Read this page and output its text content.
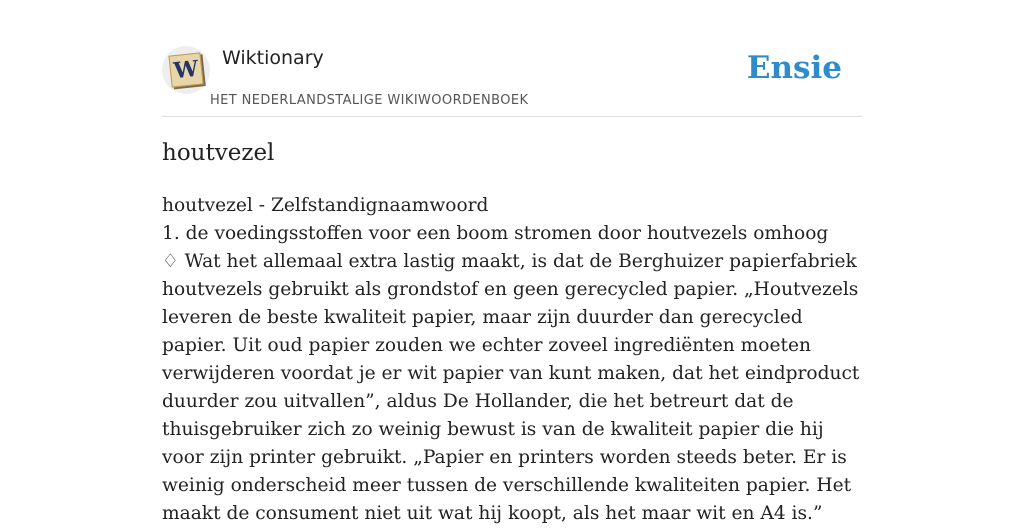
W Wiktionary
HET NEDERLANDSTALIGE WIKIWOORDENBOEK
Ensie
houtvezel

houtvezel - Zelfstandignaamwoord

1. de voedingsstoffen voor een boom stromen door houtvezels omhoog

♢ Wat het allemaal extra lastig maakt, is dat de Berghuizer papierfabriek houtvezels gebruikt als grondstof en geen gerecycled papier. „Houtvezels leveren de beste kwaliteit papier, maar zijn duurder dan gerecycled papier. Uit oud papier zouden we echter zoveel ingrediënten moeten verwijderen voordat je er wit papier van kunt maken, dat het eindproduct duurder zou uitvallen”, aldus De Hollander, die het betreurt dat de thuisgebruiker zich zo weinig bewust is van de kwaliteit papier die hij voor zijn printer gebruikt. „Papier en printers worden steeds beter. Er is weinig onderscheid meer tussen de verschillende kwaliteiten papier. Het maakt de consument niet uit wat hij koopt, als het maar wit en A4 is.”
